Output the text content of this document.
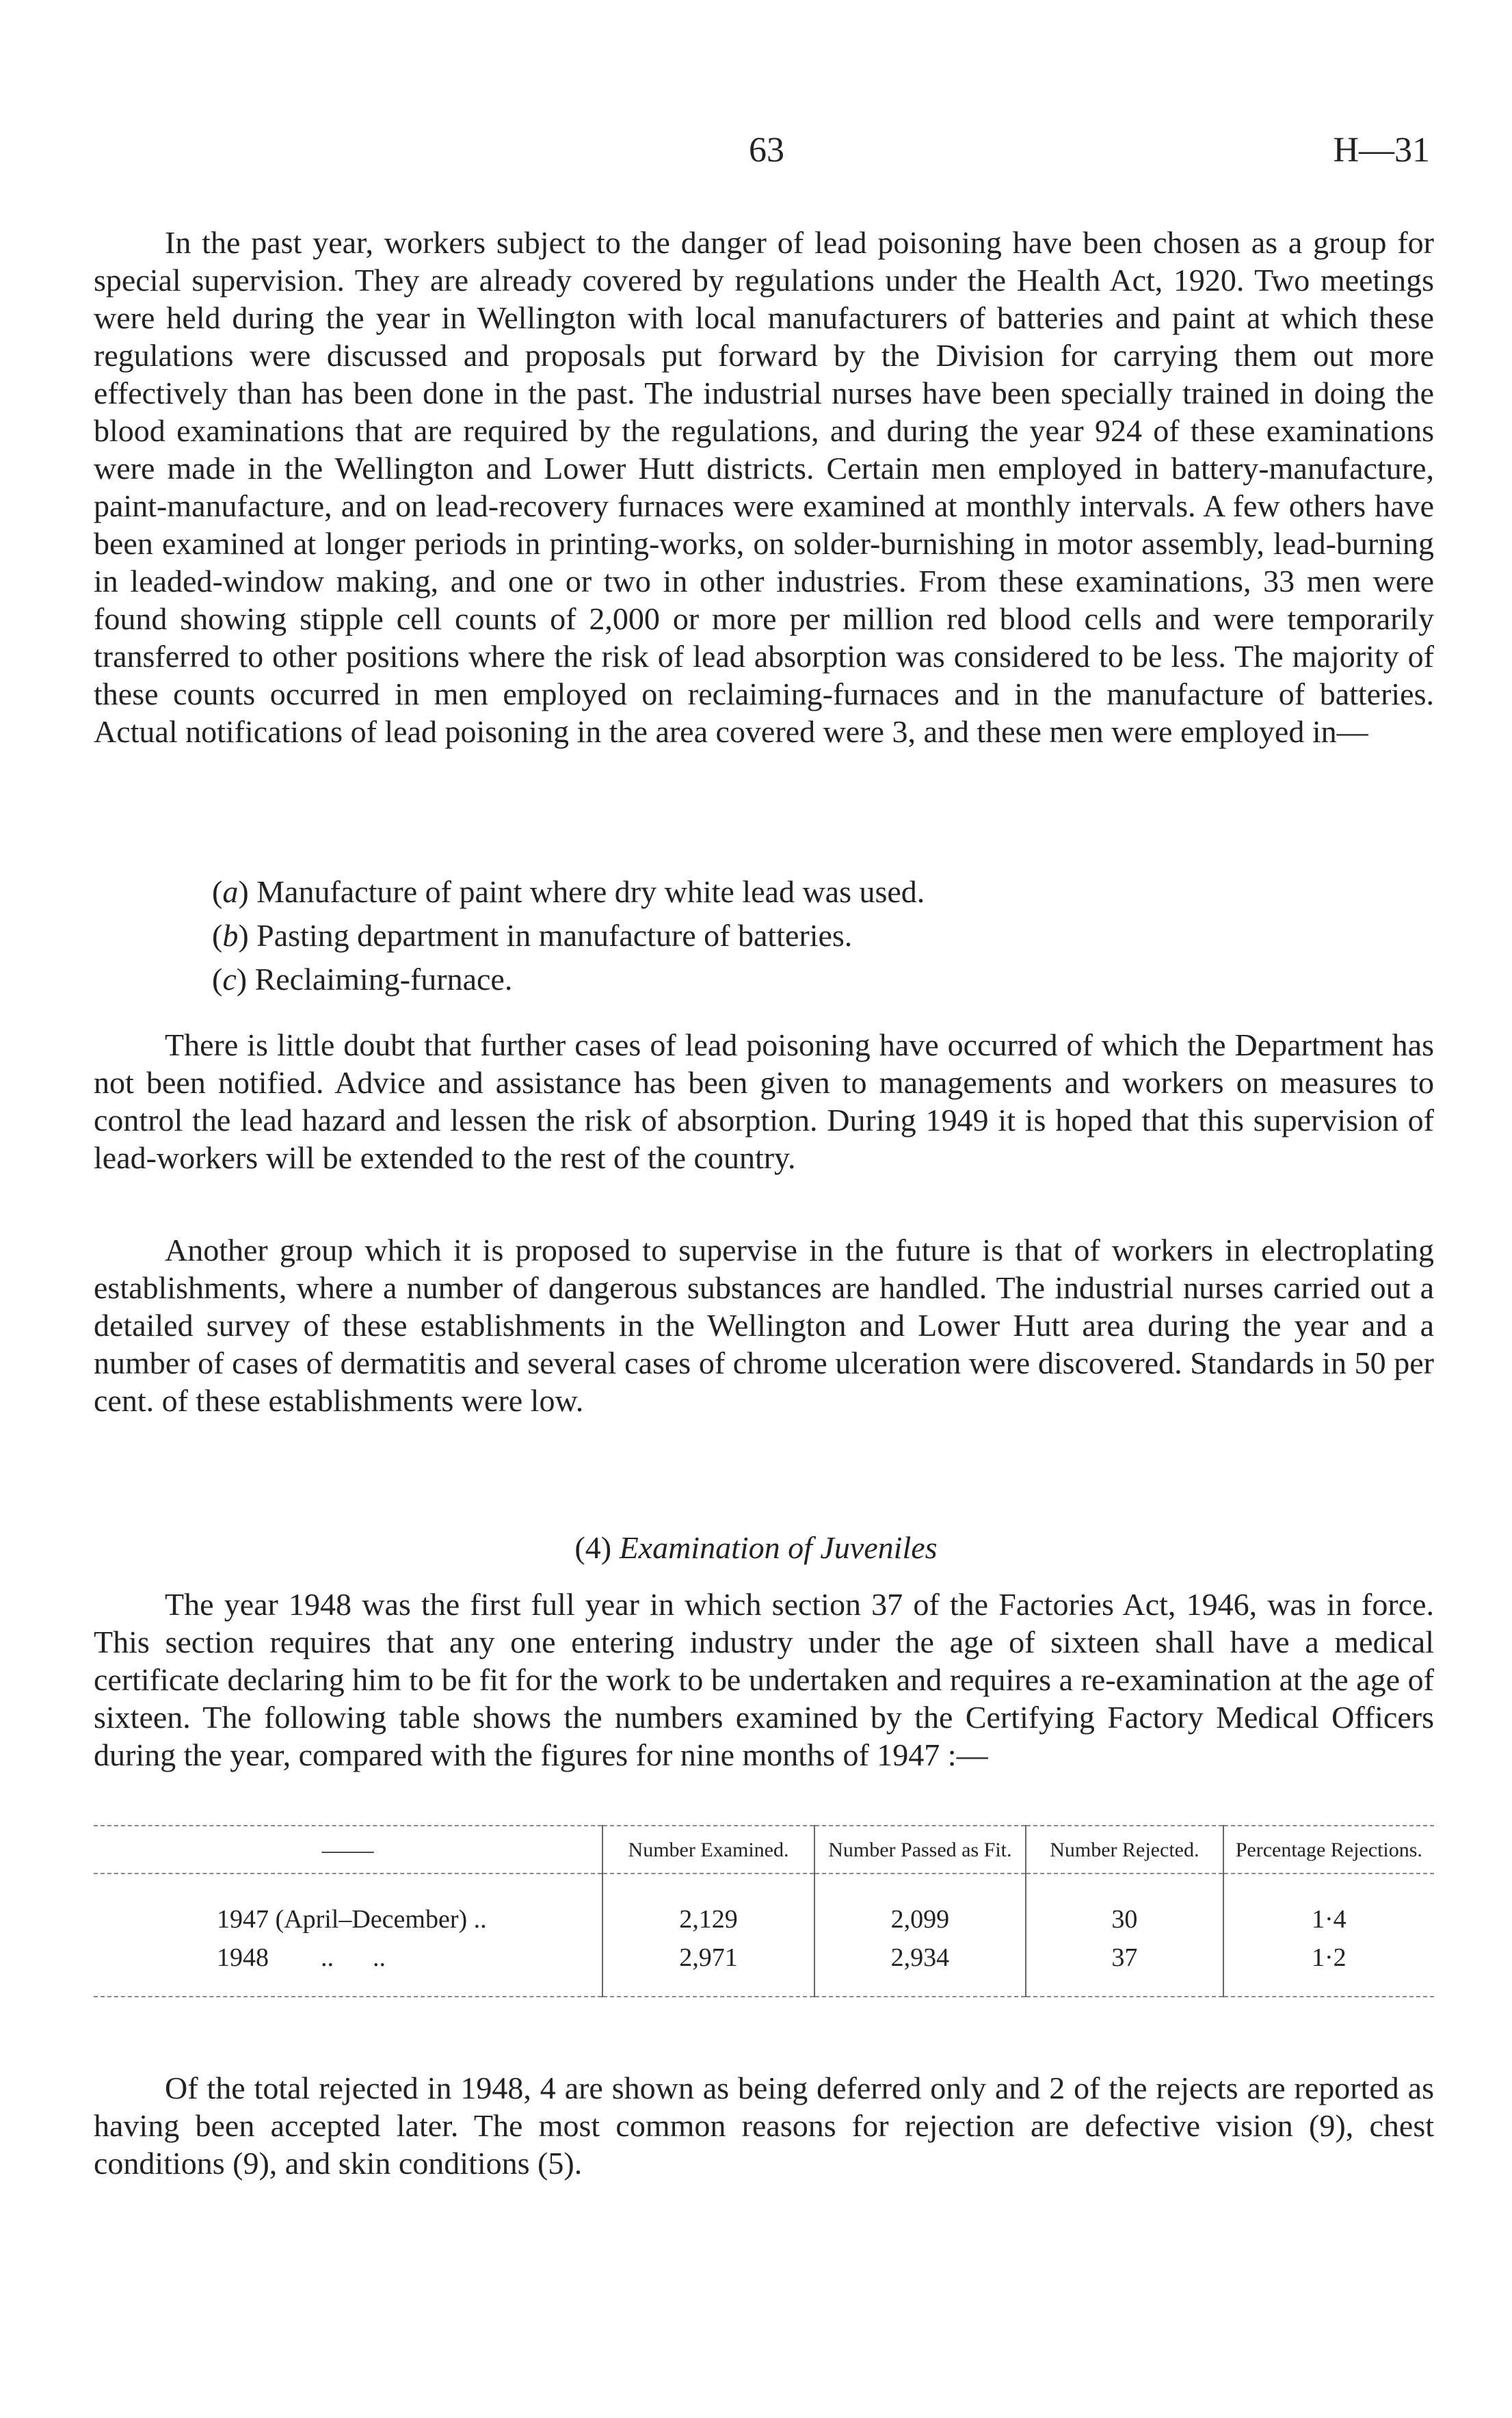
63	H—31

In the past year, workers subject to the danger of lead poisoning have been chosen as a group for special supervision. They are already covered by regulations under the Health Act, 1920. Two meetings were held during the year in Wellington with local manufacturers of batteries and paint at which these regulations were discussed and proposals put forward by the Division for carrying them out more effectively than has been done in the past. The industrial nurses have been specially trained in doing the blood examinations that are required by the regulations, and during the year 924 of these examinations were made in the Wellington and Lower Hutt districts. Certain men employed in battery-manufacture, paint-manufacture, and on lead-recovery furnaces were examined at monthly intervals. A few others have been examined at longer periods in printing-works, on solder-burnishing in motor assembly, lead-burning in leaded-window making, and one or two in other industries. From these examinations, 33 men were found showing stipple cell counts of 2,000 or more per million red blood cells and were temporarily transferred to other positions where the risk of lead absorption was considered to be less. The majority of these counts occurred in men employed on reclaiming-furnaces and in the manufacture of batteries. Actual notifications of lead poisoning in the area covered were 3, and these men were employed in—

(a) Manufacture of paint where dry white lead was used.
(b) Pasting department in manufacture of batteries.
(c) Reclaiming-furnace.

There is little doubt that further cases of lead poisoning have occurred of which the Department has not been notified. Advice and assistance has been given to managements and workers on measures to control the lead hazard and lessen the risk of absorption. During 1949 it is hoped that this supervision of lead-workers will be extended to the rest of the country.

Another group which it is proposed to supervise in the future is that of workers in electroplating establishments, where a number of dangerous substances are handled. The industrial nurses carried out a detailed survey of these establishments in the Wellington and Lower Hutt area during the year and a number of cases of dermatitis and several cases of chrome ulceration were discovered. Standards in 50 per cent. of these establishments were low.

(4) Examination of Juveniles

The year 1948 was the first full year in which section 37 of the Factories Act, 1946, was in force. This section requires that any one entering industry under the age of sixteen shall have a medical certificate declaring him to be fit for the work to be undertaken and requires a re-examination at the age of sixteen. The following table shows the numbers examined by the Certifying Factory Medical Officers during the year, compared with the figures for nine months of 1947 :—

——	Number Examined.	Number Passed as Fit.	Number Rejected.	Percentage Rejections.
1947 (April–December) ..	2,129	2,099	30	1·4
1948        ..      ..	2,971	2,934	37	1·2

Of the total rejected in 1948, 4 are shown as being deferred only and 2 of the rejects are reported as having been accepted later. The most common reasons for rejection are defective vision (9), chest conditions (9), and skin conditions (5).
